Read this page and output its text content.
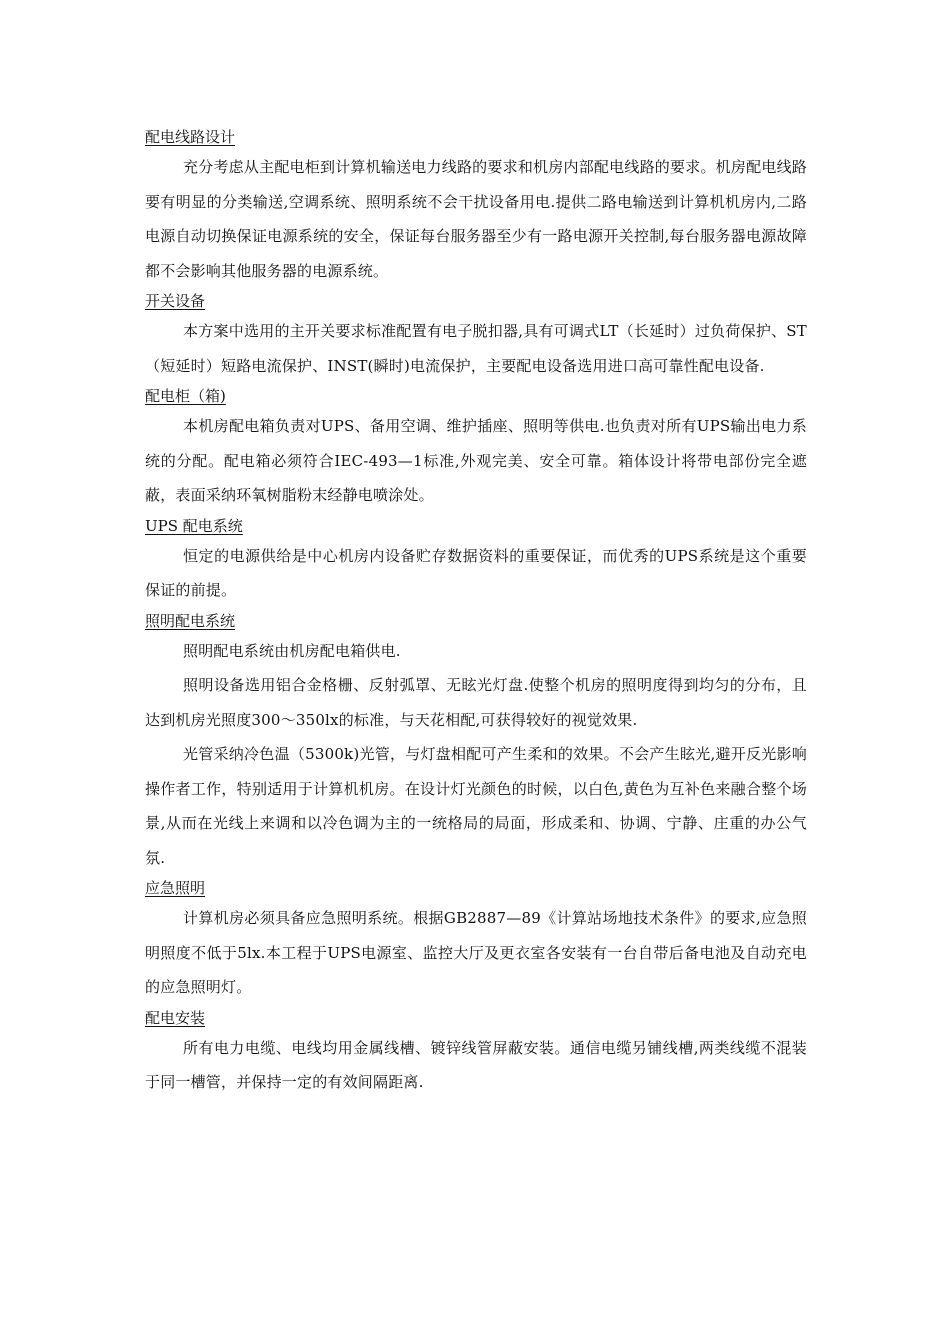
配电线路设计

充分考虑从主配电柜到计算机输送电力线路的要求和机房内部配电线路的要求。机房配电线路要有明显的分类输送,空调系统、照明系统不会干扰设备用电.提供二路电输送到计算机机房内,二路电源自动切换保证电源系统的安全，保证每台服务器至少有一路电源开关控制,每台服务器电源故障都不会影响其他服务器的电源系统。

开关设备

本方案中选用的主开关要求标准配置有电子脱扣器,具有可调式LT（长延时）过负荷保护、ST（短延时）短路电流保护、INST(瞬时)电流保护，主要配电设备选用进口高可靠性配电设备.

配电柜（箱)

本机房配电箱负责对UPS、备用空调、维护插座、照明等供电.也负责对所有UPS输出电力系统的分配。配电箱必须符合IEC-493—1标准,外观完美、安全可靠。箱体设计将带电部份完全遮蔽，表面采纳环氧树脂粉末经静电喷涂处。

UPS 配电系统

恒定的电源供给是中心机房内设备贮存数据资料的重要保证，而优秀的UPS系统是这个重要保证的前提。

照明配电系统

照明配电系统由机房配电箱供电.

照明设备选用铝合金格栅、反射弧罩、无眩光灯盘.使整个机房的照明度得到均匀的分布，且达到机房光照度300～350lx的标准，与天花相配,可获得较好的视觉效果.

光管采纳冷色温（5300k)光管，与灯盘相配可产生柔和的效果。不会产生眩光,避开反光影响操作者工作，特别适用于计算机机房。在设计灯光颜色的时候，以白色,黄色为互补色来融合整个场景,从而在光线上来调和以冷色调为主的一统格局的局面，形成柔和、协调、宁静、庄重的办公气氛.

应急照明

计算机房必须具备应急照明系统。根据GB2887—89《计算站场地技术条件》的要求,应急照明照度不低于5lx.本工程于UPS电源室、监控大厅及更衣室各安装有一台自带后备电池及自动充电的应急照明灯。

配电安装

所有电力电缆、电线均用金属线槽、镀锌线管屏蔽安装。通信电缆另铺线槽,两类线缆不混装于同一槽管，并保持一定的有效间隔距离.
